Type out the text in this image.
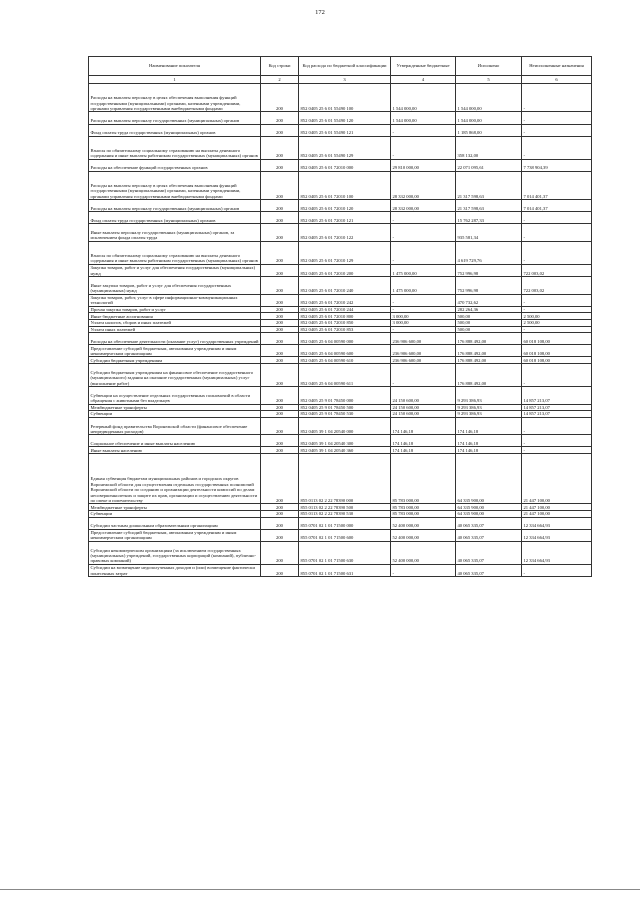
172
Наименование показателя	Код строки	Код расхода по бюджетной классификации	Утвержденные бюджетные	Исполнено	Неисполненные назначения
1	2	3	4	5	6
Расходы на выплаты персоналу в целях обеспечения выполнения функций государственными (муниципальными) органами, казенными учреждениями, органами управления государственными внебюджетными фондами	200	852 0405 25 6 01 55490 100	1 544 000,00	1 544 000,00	-
Расходы на выплаты персоналу государственных (муниципальных) органов	200	852 0405 25 6 01 55490 120	1 544 000,00	1 544 000,00	-
Фонд оплаты труда государственных (муниципальных) органов	200	852 0405 25 6 01 55490 121	-	1 185 868,00	-
Взносы по обязательному социальному страхованию на выплаты денежного содержания и иные выплаты работникам государственных (муниципальных) органов	200	852 0405 25 6 01 55490 129	-	358 132,00	-
Расходы на обеспечение функций государственных органов	200	852 0405 25 6 01 72010 000	29 810 000,00	22 071 095,61	7 738 904,39
Расходы на выплаты персоналу в целях обеспечения выполнения функций государственными (муниципальными) органами, казенными учреждениями, органами управления государственными внебюджетными фондами	200	852 0405 25 6 01 72010 100	28 332 000,00	21 317 598,63	7 014 401,37
Расходы на выплаты персоналу государственных (муниципальных) органов	200	852 0405 25 6 01 72010 120	28 332 000,00	21 317 598,63	7 014 401,37
Фонд оплаты труда государственных (муниципальных) органов	200	852 0405 25 6 01 72010 121	-	15 762 287,33	-
Иные выплаты персоналу государственных (муниципальных) органов, за исключением фонда оплаты труда	200	852 0405 25 6 01 72010 122	-	935 581,34	-
Взносы по обязательному социальному страхованию на выплаты денежного содержания и иные выплаты работникам государственных (муниципальных) органов	200	852 0405 25 6 01 72010 129	-	4 619 729,76	-
Закупка товаров, работ и услуг для обеспечения государственных (муниципальных) нужд	200	852 0405 25 6 01 72010 200	1 475 000,00	752 996,98	722 003,02
Иные закупки товаров, работ и услуг для обеспечения государственных (муниципальных) нужд	200	852 0405 25 6 01 72010 240	1 475 000,00	752 996,98	722 003,02
Закупка товаров, работ, услуг в сфере информационно-коммуникационных технологий	200	852 0405 25 6 01 72010 242	-	470 732,62	-
Прочая закупка товаров, работ и услуг	200	852 0405 25 6 01 72010 244	-	282 264,36	-
Иные бюджетные ассигнования	200	852 0405 25 6 01 72010 800	3 000,00	500,00	2 500,00
Уплата налогов, сборов и иных платежей	200	852 0405 25 6 01 72010 850	3 000,00	500,00	2 500,00
Уплата иных платежей	200	852 0405 25 6 01 72010 853	-	500,00	-
Расходы на обеспечение деятельности (оказание услуг) государственных учреждений	200	852 0405 25 6 04 00590 000	236 906 600,00	176 888 492,00	60 018 108,00
Предоставление субсидий бюджетным, автономным учреждениям и иным некоммерческим организациям	200	852 0405 25 6 04 00590 600	236 906 600,00	176 888 492,00	60 018 108,00
Субсидии бюджетным учреждениям	200	852 0405 25 6 04 00590 610	236 906 600,00	176 888 492,00	60 018 108,00
Субсидии бюджетным учреждениям на финансовое обеспечение государственного (муниципального) задания на оказание государственных (муниципальных) услуг (выполнение работ)	200	852 0405 25 6 04 00590 611	-	176 888 492,00	-
Субвенции на осуществление отдельных государственных полномочий в области обращения с животными без владельцев	200	852 0405 25 9 01 78450 000	24 150 600,00	9 293 386,93	14 857 213,07
Межбюджетные трансферты	200	852 0405 25 9 01 78450 500	24 150 600,00	9 293 386,93	14 857 213,07
Субвенции	200	852 0405 25 9 01 78450 530	24 150 600,00	9 293 386,93	14 857 213,07
Резервный фонд правительства Воронежской области (финансовое обеспечение непредвиденных расходов)	200	852 0405 39 1 04 20540 000	174 146,18	174 146,18	-
Социальное обеспечение и иные выплаты населению	200	852 0405 39 1 04 20540 300	174 146,18	174 146,18	-
Иные выплаты населению	200	852 0405 39 1 04 20540 360	174 146,18	174 146,18	-
Единая субвенция бюджетам муниципальных районов и городских округов Воронежской области для осуществления отдельных государственных полномочий Воронежской области по созданию и организации деятельности комиссий по делам несовершеннолетних и защите их прав, организации и осуществлению деятельности по опеке и попечительству	200	855 0113 02 2 22 78390 000	85 783 000,00	64 335 900,00	21 447 100,00
Межбюджетные трансферты	200	855 0113 02 2 22 78390 500	85 783 000,00	64 335 900,00	21 447 100,00
Субвенции	200	855 0113 02 2 22 78390 530	85 783 000,00	64 335 900,00	21 447 100,00
Субсидии частным дошкольным образовательным организациям	200	855 0701 02 1 01 71500 000	52 400 000,00	40 065 335,07	12 334 664,93
Предоставление субсидий бюджетным, автономным учреждениям и иным некоммерческим организациям	200	855 0701 02 1 01 71500 600	52 400 000,00	40 065 335,07	12 334 664,93
Субсидии некоммерческим организациям (за исключением государственных (муниципальных) учреждений, государственных корпораций (компаний), публично-правовых компаний)	200	855 0701 02 1 01 71500 630	52 400 000,00	40 065 335,07	12 334 664,93
Субсидии на возмещение недополученных доходов и (или) возмещение фактически понесенных затрат	200	855 0701 02 1 01 71500 631	-	40 065 335,07	-
